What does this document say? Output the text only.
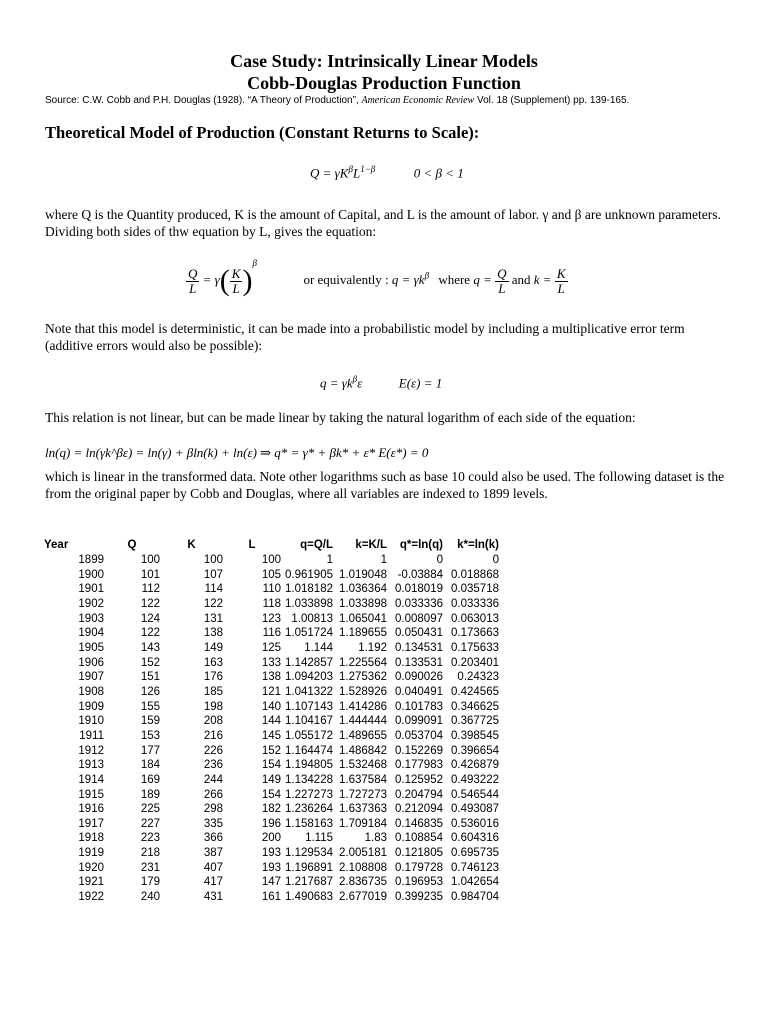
Case Study: Intrinsically Linear Models
Cobb-Douglas Production Function
Source: C.W. Cobb and P.H. Douglas (1928). “A Theory of Production”, American Economic Review Vol. 18 (Supplement) pp. 139-165.
Theoretical Model of Production (Constant Returns to Scale):
$Q = \gamma K^\beta L^{1-\beta}$	0 < β < 1
where Q is the Quantity produced, K is the amount of Capital, and L is the amount of labor. γ and β are unknown parameters. Dividing both sides of thw equation by L, gives the equation:
$\frac{Q}{L} = \gamma( \frac{K}{L} )^\beta$  or equivalently : $q = \gamma k^\beta$ where $q = \frac{Q}{L}$ and $k = \frac{K}{L}$
Note that this model is deterministic, it can be made into a probabilistic model by including a multiplicative error term (additive errors would also be possible):
$q = \gamma k^\beta\varepsilon$	E(ε) = 1
This relation is not linear, but can be made linear by taking the natural logarithm of each side of the equation:
ln(q) = ln(γk^βε) = ln(γ) + βln(k) + ln(ε) ⇒ q* = γ* + βk* + ε* E(ε*) = 0
which is linear in the transformed data. Note other logarithms such as base 10 could also be used. The following dataset is the from the original paper by Cobb and Douglas, where all variables are indexed to 1899 levels.
Year	Q	K	L	q=Q/L	k=K/L	q*=ln(q)	k*=ln(k)
1899	100	100	100	1	1	0	0
1900	101	107	105	0.961905	1.019048	-0.03884	0.018868
1901	112	114	110	1.018182	1.036364	0.018019	0.035718
1902	122	122	118	1.033898	1.033898	0.033336	0.033336
1903	124	131	123	1.00813	1.065041	0.008097	0.063013
1904	122	138	116	1.051724	1.189655	0.050431	0.173663
1905	143	149	125	1.144	1.192	0.134531	0.175633
1906	152	163	133	1.142857	1.225564	0.133531	0.203401
1907	151	176	138	1.094203	1.275362	0.090026	0.24323
1908	126	185	121	1.041322	1.528926	0.040491	0.424565
1909	155	198	140	1.107143	1.414286	0.101783	0.346625
1910	159	208	144	1.104167	1.444444	0.099091	0.367725
1911	153	216	145	1.055172	1.489655	0.053704	0.398545
1912	177	226	152	1.164474	1.486842	0.152269	0.396654
1913	184	236	154	1.194805	1.532468	0.177983	0.426879
1914	169	244	149	1.134228	1.637584	0.125952	0.493222
1915	189	266	154	1.227273	1.727273	0.204794	0.546544
1916	225	298	182	1.236264	1.637363	0.212094	0.493087
1917	227	335	196	1.158163	1.709184	0.146835	0.536016
1918	223	366	200	1.115	1.83	0.108854	0.604316
1919	218	387	193	1.129534	2.005181	0.121805	0.695735
1920	231	407	193	1.196891	2.108808	0.179728	0.746123
1921	179	417	147	1.217687	2.836735	0.196953	1.042654
1922	240	431	161	1.490683	2.677019	0.399235	0.984704
